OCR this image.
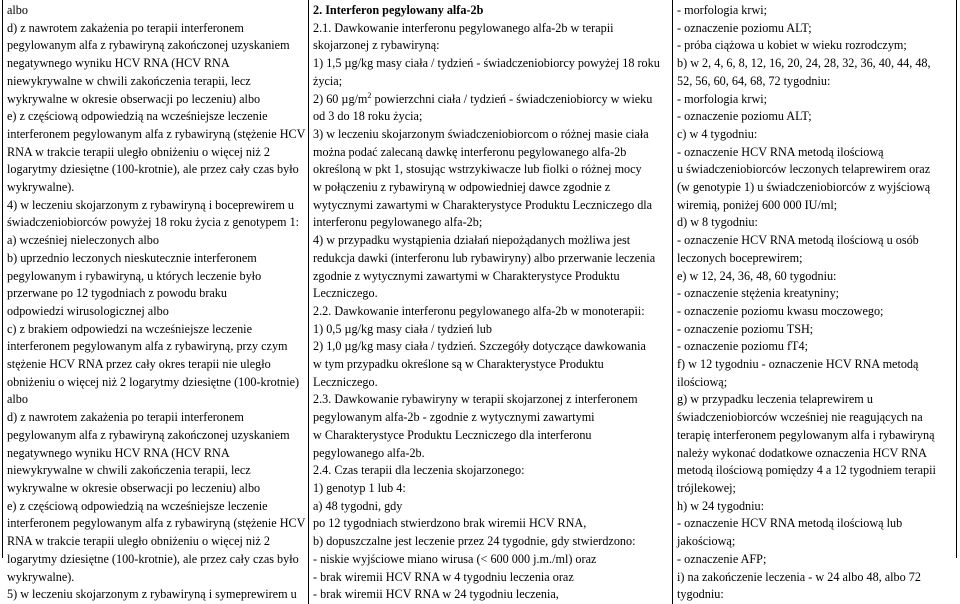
albo
d) z nawrotem zakażenia po terapii interferonem
pegylowanym alfa z rybawiryną zakończonej uzyskaniem
negatywnego wyniku HCV RNA (HCV RNA
niewykrywalne w chwili zakończenia terapii, lecz
wykrywalne w okresie obserwacji po leczeniu) albo
e) z częściową odpowiedzią na wcześniejsze leczenie
interferonem pegylowanym alfa z rybawiryną (stężenie HCV
RNA w trakcie terapii uległo obniżeniu o więcej niż 2
logarytmy dziesiętne (100-krotnie), ale przez cały czas było
wykrywalne).
4) w leczeniu skojarzonym z rybawiryną i boceprewirem u
świadczeniobiorców powyżej 18 roku życia z genotypem 1:
a) wcześniej nieleczonych albo
b) uprzednio leczonych nieskutecznie interferonem
pegylowanym i rybawiryną, u których leczenie było
przerwane po 12 tygodniach z powodu braku
odpowiedzi wirusologicznej albo
c) z brakiem odpowiedzi na wcześniejsze leczenie
interferonem pegylowanym alfa z rybawiryną, przy czym
stężenie HCV RNA przez cały okres terapii nie uległo
obniżeniu o więcej niż 2 logarytmy dziesiętne (100-krotnie)
albo
d) z nawrotem zakażenia po terapii interferonem
pegylowanym alfa z rybawiryną zakończonej uzyskaniem
negatywnego wyniku HCV RNA (HCV RNA
niewykrywalne w chwili zakończenia terapii, lecz
wykrywalne w okresie obserwacji po leczeniu) albo
e) z częściową odpowiedzią na wcześniejsze leczenie
interferonem pegylowanym alfa z rybawiryną (stężenie HCV
RNA w trakcie terapii uległo obniżeniu o więcej niż 2
logarytmy dziesiętne (100-krotnie), ale przez cały czas było
wykrywalne).
5) w leczeniu skojarzonym z rybawiryną i symeprewirem u
2. Interferon pegylowany alfa-2b
2.1. Dawkowanie interferonu pegylowanego alfa-2b w terapii
skojarzonej z rybawiryną:
1) 1,5 µg/kg masy ciała / tydzień - świadczeniobiorcy powyżej 18 roku
życia;
2) 60 $\mu g/m^2$ powierzchni ciała / tydzień - świadczeniobiorcy w wieku
od 3 do 18 roku życia;
3) w leczeniu skojarzonym świadczeniobiorcom o różnej masie ciała
można podać zalecaną dawkę interferonu pegylowanego alfa-2b
określoną w pkt 1, stosując wstrzykiwacze lub fiolki o różnej mocy
w połączeniu z rybawiryną w odpowiedniej dawce zgodnie z
wytycznymi zawartymi w Charakterystyce Produktu Leczniczego dla
interferonu pegylowanego alfa-2b;
4) w przypadku wystąpienia działań niepożądanych możliwa jest
redukcja dawki (interferonu lub rybawiryny) albo przerwanie leczenia
zgodnie z wytycznymi zawartymi w Charakterystyce Produktu
Leczniczego.
2.2. Dawkowanie interferonu pegylowanego alfa-2b w monoterapii:
1) 0,5 µg/kg masy ciała / tydzień lub
2) 1,0 µg/kg masy ciała / tydzień. Szczegóły dotyczące dawkowania
w tym przypadku określone są w Charakterystyce Produktu
Leczniczego.
2.3. Dawkowanie rybawiryny w terapii skojarzonej z interferonem
pegylowanym alfa-2b - zgodnie z wytycznymi zawartymi
w Charakterystyce Produktu Leczniczego dla interferonu
pegylowanego alfa-2b.
2.4. Czas terapii dla leczenia skojarzonego:
1) genotyp 1 lub 4:
a) 48 tygodni, gdy
po 12 tygodniach stwierdzono brak wiremii HCV RNA,
b) dopuszczalne jest leczenie przez 24 tygodnie, gdy stwierdzono:
- niskie wyjściowe miano wirusa (< 600 000 j.m./ml) oraz
- brak wiremii HCV RNA w 4 tygodniu leczenia oraz
- brak wiremii HCV RNA w 24 tygodniu leczenia,
- morfologia krwi;
- oznaczenie poziomu ALT;
- próba ciążowa u kobiet w wieku rozrodczym;
b) w 2, 4, 6, 8, 12, 16, 20, 24, 28, 32, 36, 40, 44, 48,
52, 56, 60, 64, 68, 72 tygodniu:
- morfologia krwi;
- oznaczenie poziomu ALT;
c) w 4 tygodniu:
- oznaczenie HCV RNA metodą ilościową
u świadczeniobiorców leczonych telaprewirem oraz
(w genotypie 1) u świadczeniobiorców z wyjściową
wiremią, poniżej 600 000 IU/ml;
d) w 8 tygodniu:
- oznaczenie HCV RNA metodą ilościową u osób
leczonych boceprewirem;
e) w 12, 24, 36, 48, 60 tygodniu:
- oznaczenie stężenia kreatyniny;
- oznaczenie poziomu kwasu moczowego;
- oznaczenie poziomu TSH;
- oznaczenie poziomu fT4;
f) w 12 tygodniu - oznaczenie HCV RNA metodą
ilościową;
g) w przypadku leczenia telaprewirem u
świadczeniobiorców wcześniej nie reagujących na
terapię interferonem pegylowanym alfa i rybawiryną
należy wykonać dodatkowe oznaczenia HCV RNA
metodą ilościową pomiędzy 4 a 12 tygodniem terapii
trójlekowej;
h) w 24 tygodniu:
- oznaczenie HCV RNA metodą ilościową lub
jakościową;
- oznaczenie AFP;
i) na zakończenie leczenia - w 24 albo 48, albo 72
tygodniu:
